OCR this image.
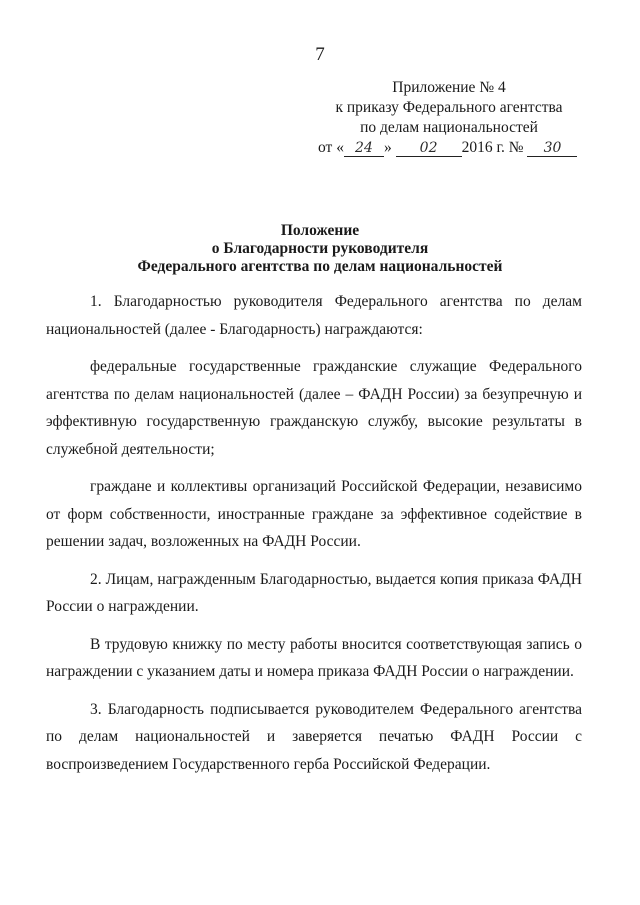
7
Приложение № 4
к приказу Федерального агентства
по делам национальностей
от « 24 » 02 2016 г. № 30
Положение
о Благодарности руководителя
Федерального агентства по делам национальностей

1. Благодарностью руководителя Федерального агентства по делам национальностей (далее - Благодарность) награждаются:

федеральные государственные гражданские служащие Федерального агентства по делам национальностей (далее – ФАДН России) за безупречную и эффективную государственную гражданскую службу, высокие результаты в служебной деятельности;

граждане и коллективы организаций Российской Федерации, независимо от форм собственности, иностранные граждане за эффективное содействие в решении задач, возложенных на ФАДН России.

2. Лицам, награжденным Благодарностью, выдается копия приказа ФАДН России о награждении.

В трудовую книжку по месту работы вносится соответствующая запись о награждении с указанием даты и номера приказа ФАДН России о награждении.

3. Благодарность подписывается руководителем Федерального агентства по делам национальностей и заверяется печатью ФАДН России с воспроизведением Государственного герба Российской Федерации.
